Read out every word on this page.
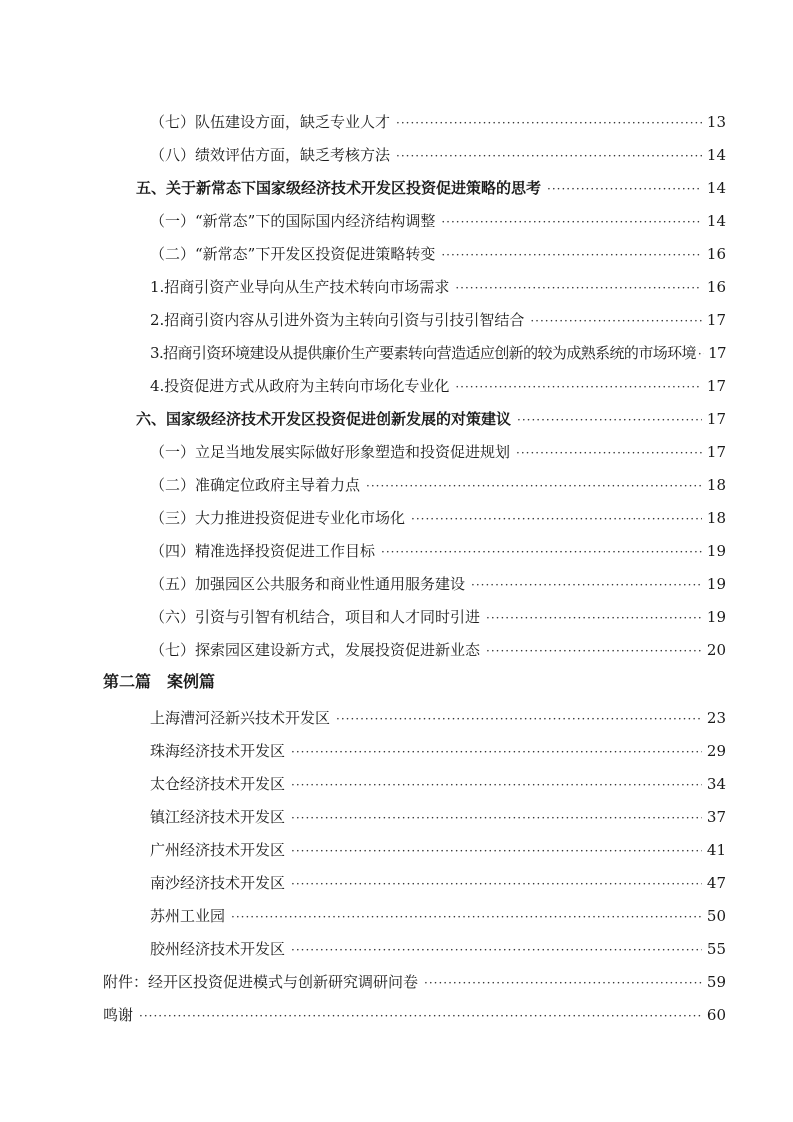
（七）队伍建设方面，缺乏专业人才 ·····	13
（八）绩效评估方面，缺乏考核方法 ·····	14
五、关于新常态下国家级经济技术开发区投资促进策略的思考 ·····	14
（一）“新常态”下的国际国内经济结构调整 ·····	14
（二）“新常态”下开发区投资促进策略转变 ·····	16
1.招商引资产业导向从生产技术转向市场需求 ·····	16
2.招商引资内容从引进外资为主转向引资与引技引智结合 ·····	17
3.招商引资环境建设从提供廉价生产要素转向营造适应创新的较为成熟系统的市场环境 ····· 17
4.投资促进方式从政府为主转向市场化专业化 ·····	17
六、国家级经济技术开发区投资促进创新发展的对策建议 ·····	17
（一）立足当地发展实际做好形象塑造和投资促进规划 ·····	17
（二）准确定位政府主导着力点 ·····	18
（三）大力推进投资促进专业化市场化 ·····	18
（四）精准选择投资促进工作目标 ·····	19
（五）加强园区公共服务和商业性通用服务建设 ·····	19
（六）引资与引智有机结合，项目和人才同时引进 ·····	19
（七）探索园区建设新方式，发展投资促进新业态 ·····	20
第二篇　案例篇
上海漕河泾新兴技术开发区 ·····	23
珠海经济技术开发区 ·····	29
太仓经济技术开发区 ·····	34
镇江经济技术开发区 ·····	37
广州经济技术开发区 ·····	41
南沙经济技术开发区 ·····	47
苏州工业园 ·····	50
胶州经济技术开发区 ·····	55
附件：经开区投资促进模式与创新研究调研问卷 ·····	59
鸣谢 ·····	60
